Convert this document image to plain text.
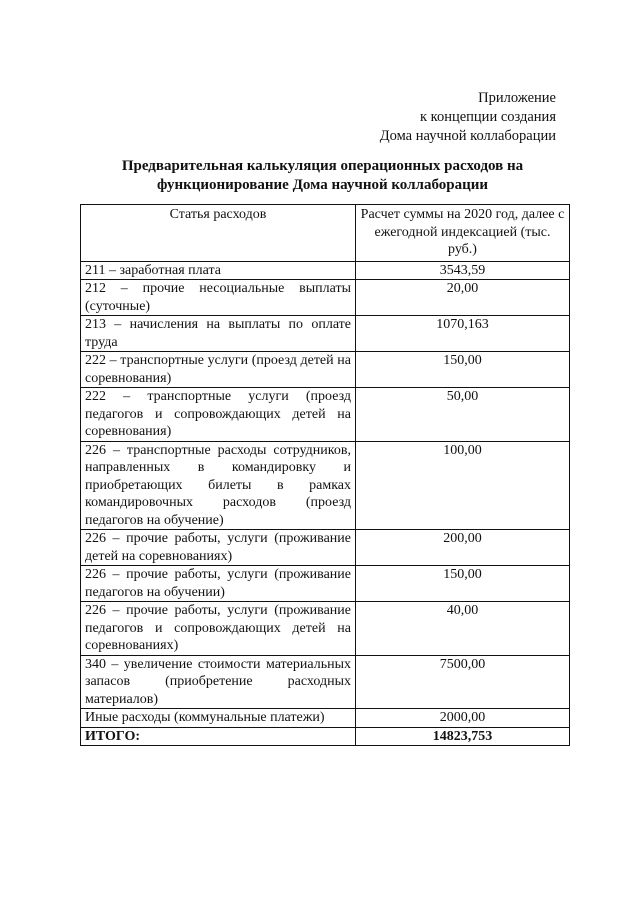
Приложение
к концепции создания
Дома научной коллаборации
Предварительная калькуляция операционных расходов на
функционирование Дома научной коллаборации
Статья расходов	Расчет суммы на 2020 год, далее с ежегодной индексацией (тыс. руб.)
211 – заработная плата	3543,59
212 – прочие несоциальные выплаты (суточные)	20,00
213 – начисления на выплаты по оплате труда	1070,163
222 – транспортные услуги (проезд детей на соревнования)	150,00
222 – транспортные услуги (проезд педагогов и сопровождающих детей на соревнования)	50,00
226 – транспортные расходы сотрудников, направленных в командировку и приобретающих билеты в рамках командировочных расходов (проезд педагогов на обучение)	100,00
226 – прочие работы, услуги (проживание детей на соревнованиях)	200,00
226 – прочие работы, услуги (проживание педагогов на обучении)	150,00
226 – прочие работы, услуги (проживание педагогов и сопровождающих детей на соревнованиях)	40,00
340 – увеличение стоимости материальных запасов (приобретение расходных материалов)	7500,00
Иные расходы (коммунальные платежи)	2000,00
ИТОГО:	14823,753
